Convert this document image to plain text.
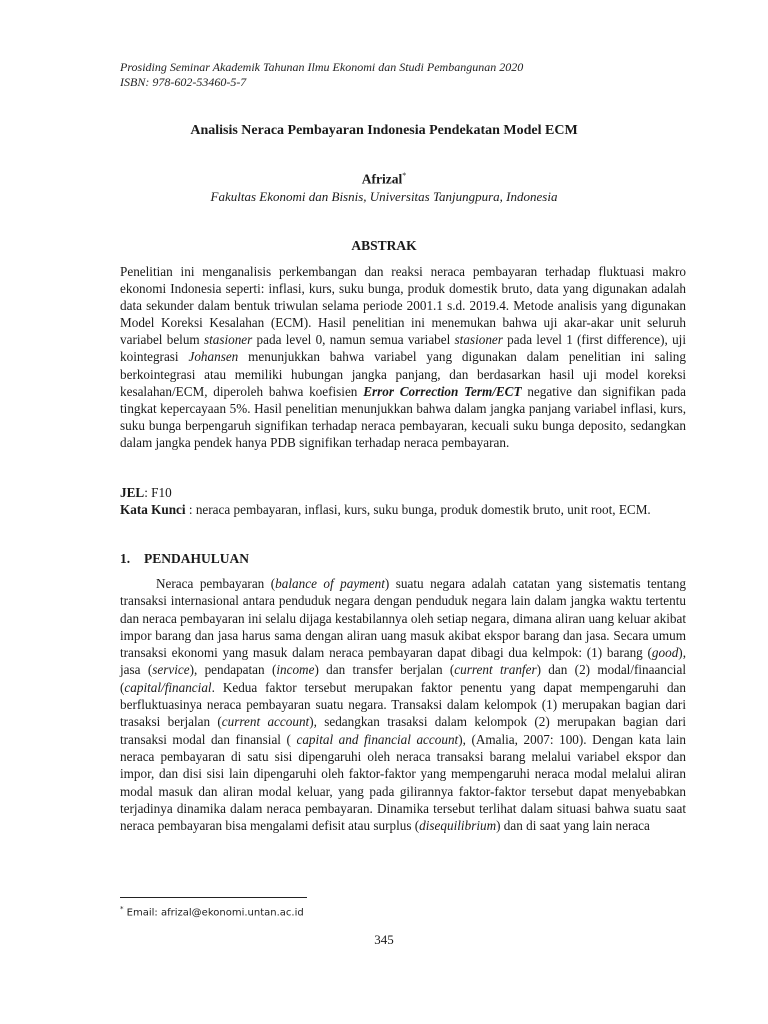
Prosiding Seminar Akademik Tahunan Ilmu Ekonomi dan Studi Pembangunan 2020
ISBN: 978-602-53460-5-7
Analisis Neraca Pembayaran Indonesia Pendekatan Model ECM
Afrizal*
Fakultas Ekonomi dan Bisnis, Universitas Tanjungpura, Indonesia
ABSTRAK
Penelitian ini menganalisis perkembangan dan reaksi neraca pembayaran terhadap fluktuasi makro ekonomi Indonesia seperti: inflasi, kurs, suku bunga, produk domestik bruto, data yang digunakan adalah data sekunder dalam bentuk triwulan selama periode 2001.1 s.d. 2019.4. Metode analisis yang digunakan Model Koreksi Kesalahan (ECM). Hasil penelitian ini menemukan bahwa uji akar-akar unit seluruh variabel belum stasioner pada level 0, namun semua variabel stasioner pada level 1 (first difference), uji kointegrasi Johansen menunjukkan bahwa variabel yang digunakan dalam penelitian ini saling berkointegrasi atau memiliki hubungan jangka panjang, dan berdasarkan hasil uji model koreksi kesalahan/ECM, diperoleh bahwa koefisien Error Correction Term/ECT negative dan signifikan pada tingkat kepercayaan 5%. Hasil penelitian menunjukkan bahwa dalam jangka panjang variabel inflasi, kurs, suku bunga berpengaruh signifikan terhadap neraca pembayaran, kecuali suku bunga deposito, sedangkan dalam jangka pendek hanya PDB signifikan terhadap neraca pembayaran.
JEL: F10
Kata Kunci : neraca pembayaran, inflasi, kurs, suku bunga, produk domestik bruto, unit root, ECM.
1. PENDAHULUAN
Neraca pembayaran (balance of payment) suatu negara adalah catatan yang sistematis tentang transaksi internasional antara penduduk negara dengan penduduk negara lain dalam jangka waktu tertentu dan neraca pembayaran ini selalu dijaga kestabilannya oleh setiap negara, dimana aliran uang keluar akibat impor barang dan jasa harus sama dengan aliran uang masuk akibat ekspor barang dan jasa. Secara umum transaksi ekonomi yang masuk dalam neraca pembayaran dapat dibagi dua kelmpok: (1) barang (good), jasa (service), pendapatan (income) dan transfer berjalan (current tranfer) dan (2) modal/finaancial (capital/financial. Kedua faktor tersebut merupakan faktor penentu yang dapat mempengaruhi dan berfluktuasinya neraca pembayaran suatu negara. Transaksi dalam kelompok (1) merupakan bagian dari trasaksi berjalan (current account), sedangkan trasaksi dalam kelompok (2) merupakan bagian dari transaksi modal dan finansial ( capital and financial account), (Amalia, 2007: 100). Dengan kata lain neraca pembayaran di satu sisi dipengaruhi oleh neraca transaksi barang melalui variabel ekspor dan impor, dan disi sisi lain dipengaruhi oleh faktor-faktor yang mempengaruhi neraca modal melalui aliran modal masuk dan aliran modal keluar, yang pada gilirannya faktor-faktor tersebut dapat menyebabkan terjadinya dinamika dalam neraca pembayaran. Dinamika tersebut terlihat dalam situasi bahwa suatu saat neraca pembayaran bisa mengalami defisit atau surplus (disequilibrium) dan di saat yang lain neraca
* Email: afrizal@ekonomi.untan.ac.id
345
